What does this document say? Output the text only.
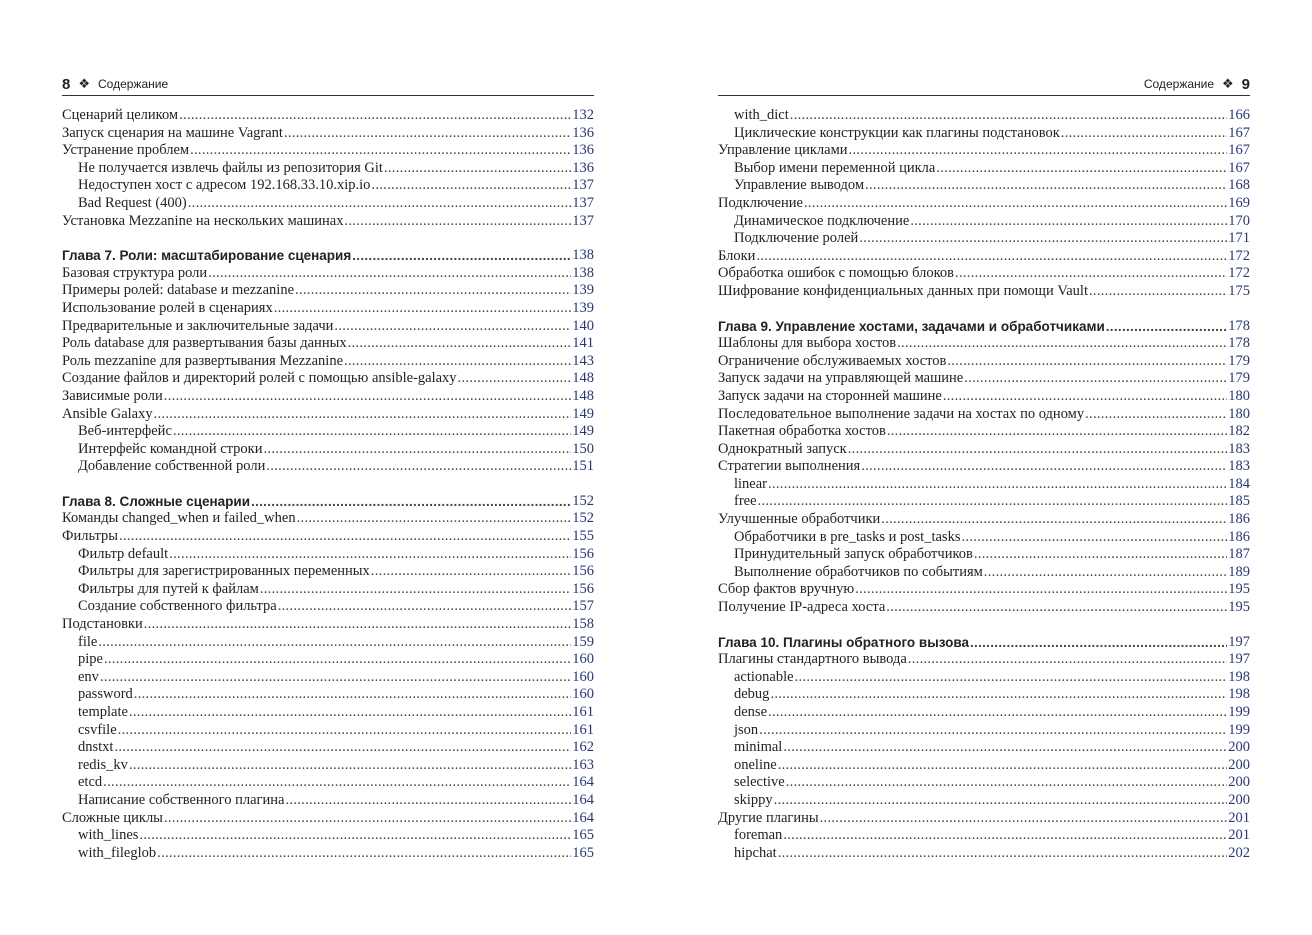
8 ❖ Содержание
Сценарий целиком .....	132
Запуск сценария на машине Vagrant .....	136
Устранение проблем .....	136
Не получается извлечь файлы из репозитория Git .....	136
Недоступен хост с адресом 192.168.33.10.xip.io .....	137
Bad Request (400) .....	137
Установка Mezzanine на нескольких машинах .....	137
Глава 7. Роли: масштабирование сценария .....	138
Базовая структура роли .....	138
Примеры ролей: database и mezzanine .....	139
Использование ролей в сценариях .....	139
Предварительные и заключительные задачи .....	140
Роль database для развертывания базы данных .....	141
Роль mezzanine для развертывания Mezzanine .....	143
Создание файлов и директорий ролей с помощью ansible-galaxy .....	148
Зависимые роли .....	148
Ansible Galaxy .....	149
Веб-интерфейс .....	149
Интерфейс командной строки .....	150
Добавление собственной роли .....	151
Глава 8. Сложные сценарии .....	152
Команды changed_when и failed_when .....	152
Фильтры .....	155
Фильтр default .....	156
Фильтры для зарегистрированных переменных .....	156
Фильтры для путей к файлам .....	156
Создание собственного фильтра .....	157
Подстановки .....	158
file .....	159
pipe .....	160
env .....	160
password .....	160
template .....	161
csvfile .....	161
dnstxt .....	162
redis_kv .....	163
etcd .....	164
Написание собственного плагина .....	164
Сложные циклы .....	164
with_lines .....	165
with_fileglob .....	165
Содержание ❖ 9
with_dict .....	166
Циклические конструкции как плагины подстановок .....	167
Управление циклами .....	167
Выбор имени переменной цикла .....	167
Управление выводом .....	168
Подключение .....	169
Динамическое подключение .....	170
Подключение ролей .....	171
Блоки .....	172
Обработка ошибок с помощью блоков .....	172
Шифрование конфиденциальных данных при помощи Vault .....	175
Глава 9. Управление хостами, задачами и обработчиками .....	178
Шаблоны для выбора хостов .....	178
Ограничение обслуживаемых хостов .....	179
Запуск задачи на управляющей машине .....	179
Запуск задачи на сторонней машине .....	180
Последовательное выполнение задачи на хостах по одному .....	180
Пакетная обработка хостов .....	182
Однократный запуск .....	183
Стратегии выполнения .....	183
linear .....	184
free .....	185
Улучшенные обработчики .....	186
Обработчики в pre_tasks и post_tasks .....	186
Принудительный запуск обработчиков .....	187
Выполнение обработчиков по событиям .....	189
Сбор фактов вручную .....	195
Получение IP-адреса хоста .....	195
Глава 10. Плагины обратного вызова .....	197
Плагины стандартного вывода .....	197
actionable .....	198
debug .....	198
dense .....	199
json .....	199
minimal .....	200
oneline .....	200
selective .....	200
skippy .....	200
Другие плагины .....	201
foreman .....	201
hipchat .....	202
